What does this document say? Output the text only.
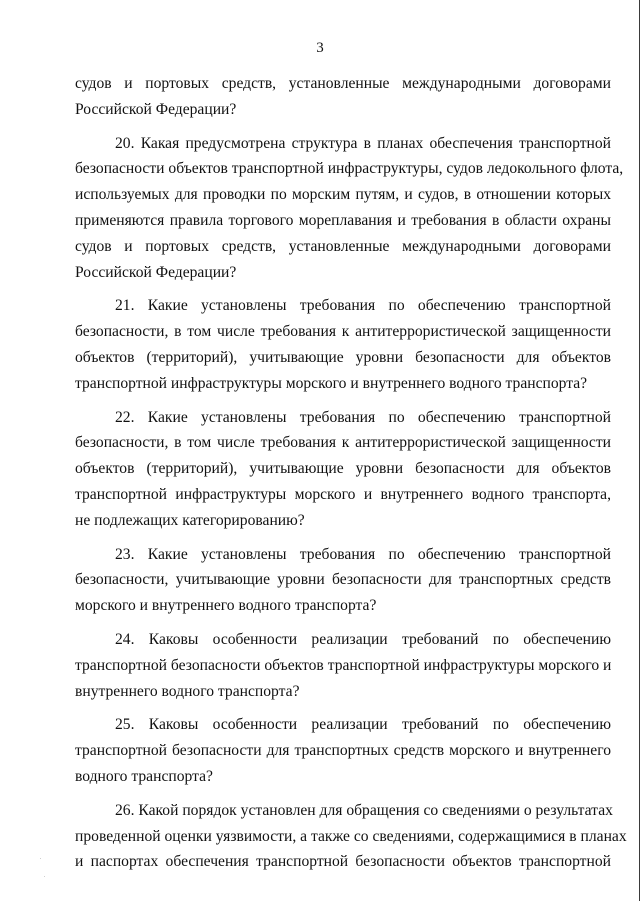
3
судов и портовых средств, установленные международными договорами
Российской Федерации?
20. Какая предусмотрена структура в планах обеспечения транспортной
безопасности объектов транспортной инфраструктуры, судов ледокольного флота,
используемых для проводки по морским путям, и судов, в отношении которых
применяются правила торгового мореплавания и требования в области охраны
судов и портовых средств, установленные международными договорами
Российской Федерации?
21. Какие установлены требования по обеспечению транспортной
безопасности, в том числе требования к антитеррористической защищенности
объектов (территорий), учитывающие уровни безопасности для объектов
транспортной инфраструктуры морского и внутреннего водного транспорта?
22. Какие установлены требования по обеспечению транспортной
безопасности, в том числе требования к антитеррористической защищенности
объектов (территорий), учитывающие уровни безопасности для объектов
транспортной инфраструктуры морского и внутреннего водного транспорта,
не подлежащих категорированию?
23. Какие установлены требования по обеспечению транспортной
безопасности, учитывающие уровни безопасности для транспортных средств
морского и внутреннего водного транспорта?
24. Каковы особенности реализации требований по обеспечению
транспортной безопасности объектов транспортной инфраструктуры морского и
внутреннего водного транспорта?
25. Каковы особенности реализации требований по обеспечению
транспортной безопасности для транспортных средств морского и внутреннего
водного транспорта?
26. Какой порядок установлен для обращения со сведениями о результатах
проведенной оценки уязвимости, а также со сведениями, содержащимися в планах
и паспортах обеспечения транспортной безопасности объектов транспортной
